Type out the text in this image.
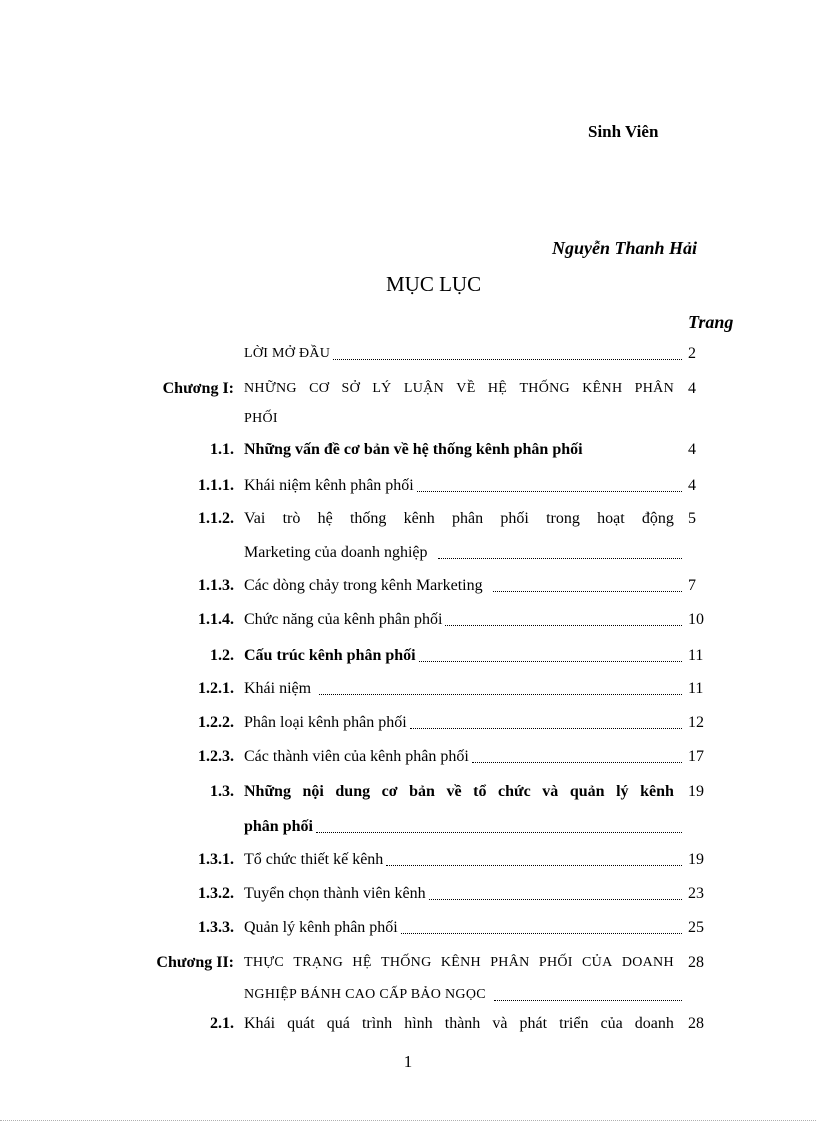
Sinh Viên
Nguyễn Thanh Hải
MỤC LỤC
Trang
LỜI MỞ ĐẦU	2
Chương I: NHỮNG CƠ SỞ LÝ LUẬN VỀ HỆ THỐNG KÊNH PHÂN 4
PHỐI
1.1. Những vấn đề cơ bản về hệ thống kênh phân phối	4
1.1.1. Khái niệm kênh phân phối	4
1.1.2. Vai trò hệ thống kênh phân phối trong hoạt động 5
Marketing của doanh nghiệp
1.1.3. Các dòng chảy trong kênh Marketing	7
1.1.4. Chức năng của kênh phân phối	10
1.2. Cấu trúc kênh phân phối	11
1.2.1. Khái niệm	11
1.2.2. Phân loại kênh phân phối	12
1.2.3. Các thành viên của kênh phân phối	17
1.3. Những nội dung cơ bản về tổ chức và quản lý kênh 19
phân phối
1.3.1. Tổ chức thiết kế kênh	19
1.3.2. Tuyển chọn thành viên kênh	23
1.3.3. Quản lý kênh phân phối	25
Chương II: THỰC TRẠNG HỆ THỐNG KÊNH PHÂN PHỐI CỦA DOANH 28
NGHIỆP BÁNH CAO CẤP BẢO NGỌC
2.1. Khái quát quá trình hình thành và phát triển của doanh 28
1
